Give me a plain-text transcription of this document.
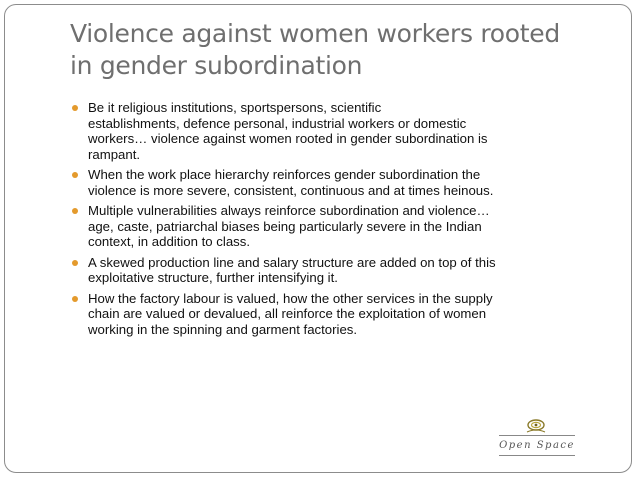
Violence against women workers rooted
in gender subordination
Be it religious institutions, sportspersons, scientific
establishments, defence personal, industrial workers or domestic
workers… violence against women rooted in gender subordination is
rampant.
When the work place hierarchy reinforces gender subordination the
violence is more severe, consistent, continuous and at times heinous.
Multiple vulnerabilities always reinforce subordination and violence…
age, caste, patriarchal biases being particularly severe in the Indian
context, in addition to class.
A skewed production line and salary structure are added on top of this
exploitative structure, further intensifying it.
How the factory labour is valued, how the other services in the supply
chain are valued or devalued, all reinforce the exploitation of women
working in the spinning and garment factories.
Open Space
